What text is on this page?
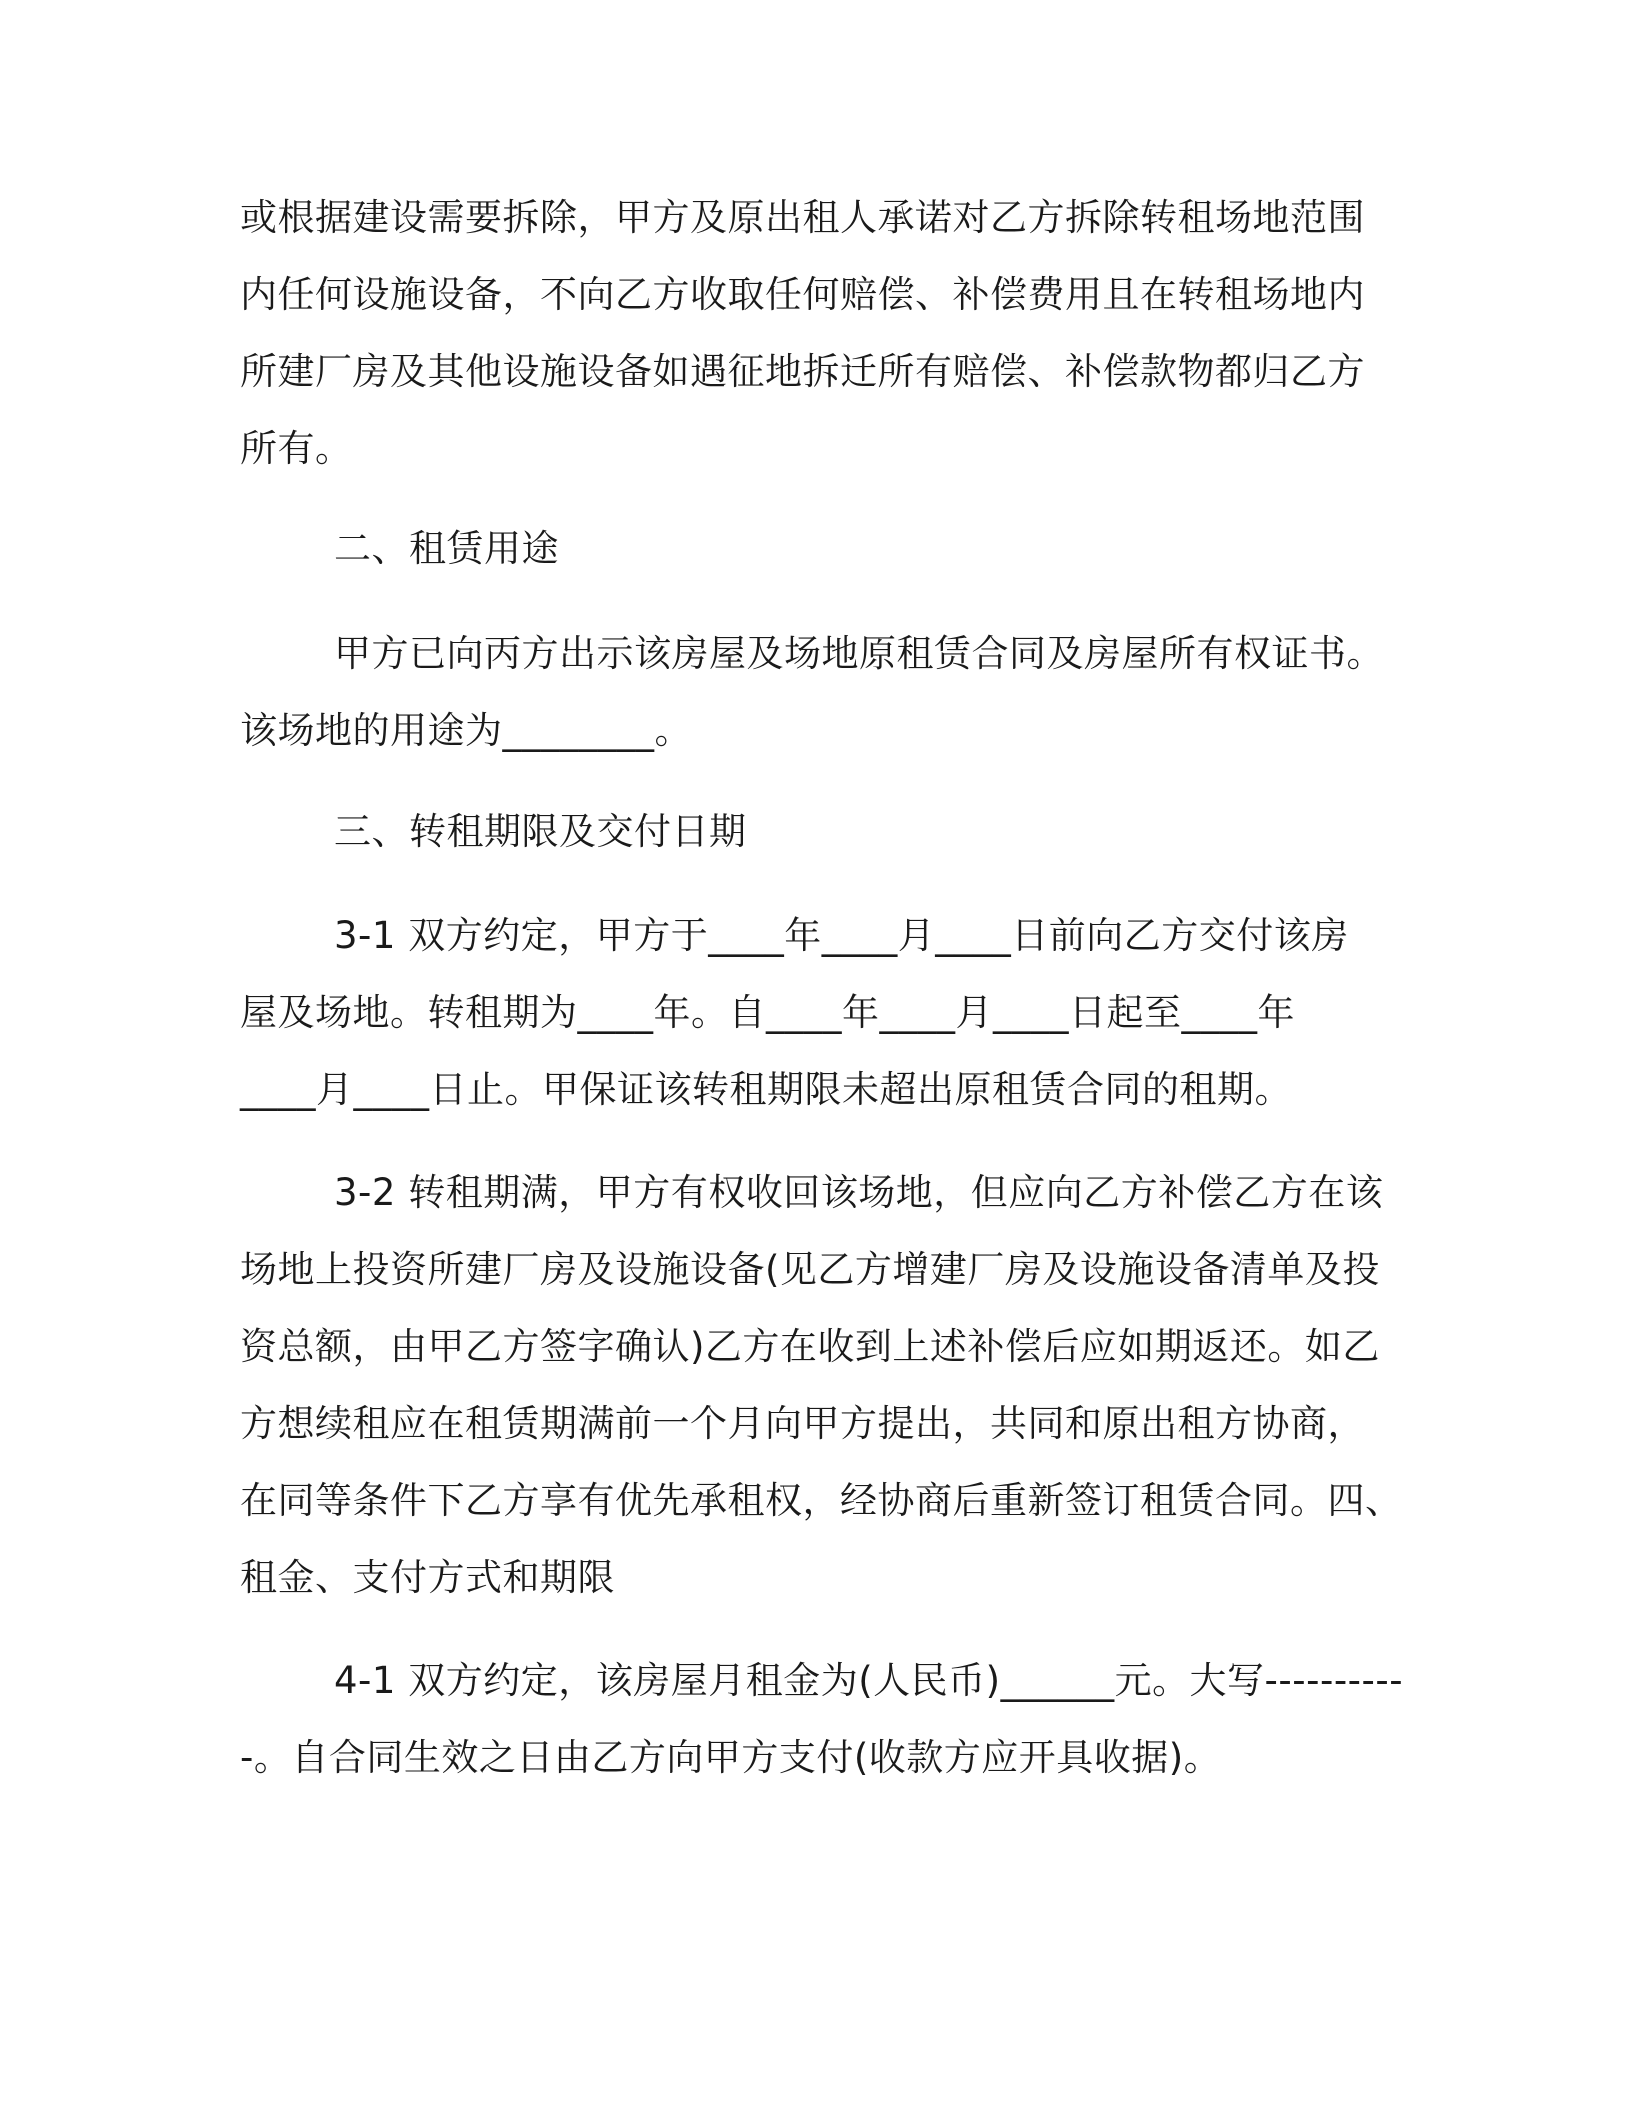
或根据建设需要拆除，甲方及原出租人承诺对乙方拆除转租场地范围
内任何设施设备，不向乙方收取任何赔偿、补偿费用且在转租场地内
所建厂房及其他设施设备如遇征地拆迁所有赔偿、补偿款物都归乙方
所有。
二、租赁用途
甲方已向丙方出示该房屋及场地原租赁合同及房屋所有权证书。
该场地的用途为________。
三、转租期限及交付日期
3-1 双方约定，甲方于____年____月____日前向乙方交付该房
屋及场地。转租期为____年。自____年____月____日起至____年
____月____日止。甲保证该转租期限未超出原租赁合同的租期。
3-2 转租期满，甲方有权收回该场地，但应向乙方补偿乙方在该
场地上投资所建厂房及设施设备(见乙方增建厂房及设施设备清单及投
资总额，由甲乙方签字确认)乙方在收到上述补偿后应如期返还。如乙
方想续租应在租赁期满前一个月向甲方提出，共同和原出租方协商，
在同等条件下乙方享有优先承租权，经协商后重新签订租赁合同。四、
租金、支付方式和期限
4-1 双方约定，该房屋月租金为(人民币)______元。大写----------
-。自合同生效之日由乙方向甲方支付(收款方应开具收据)。
